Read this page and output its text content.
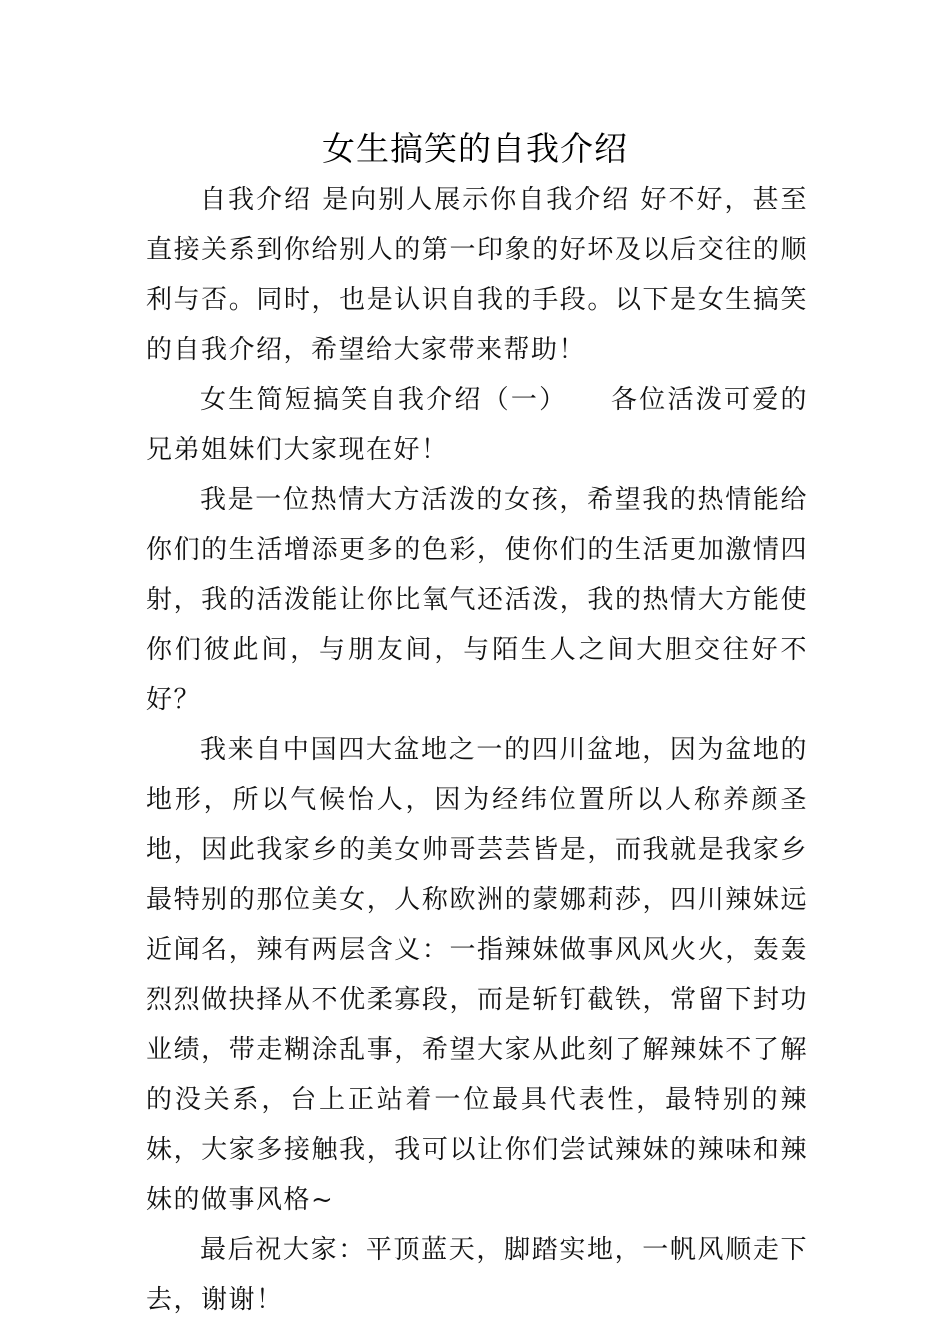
女生搞笑的自我介绍

自我介绍 是向别人展示你自我介绍 好不好，甚至直接关系到你给别人的第一印象的好坏及以后交往的顺利与否。同时，也是认识自我的手段。以下是女生搞笑的自我介绍，希望给大家带来帮助！

女生简短搞笑自我介绍（一）　　各位活泼可爱的兄弟姐妹们大家现在好！

我是一位热情大方活泼的女孩，希望我的热情能给你们的生活增添更多的色彩，使你们的生活更加激情四射，我的活泼能让你比氧气还活泼，我的热情大方能使你们彼此间，与朋友间，与陌生人之间大胆交往好不好？

我来自中国四大盆地之一的四川盆地，因为盆地的地形，所以气候怡人，因为经纬位置所以人称养颜圣地，因此我家乡的美女帅哥芸芸皆是，而我就是我家乡最特别的那位美女，人称欧洲的蒙娜莉莎，四川辣妹远近闻名，辣有两层含义：一指辣妹做事风风火火，轰轰烈烈做抉择从不优柔寡段，而是斩钉截铁，常留下封功业绩，带走糊涂乱事，希望大家从此刻了解辣妹不了解的没关系，台上正站着一位最具代表性，最特别的辣妹，大家多接触我，我可以让你们尝试辣妹的辣味和辣妹的做事风格~

最后祝大家：平顶蓝天，脚踏实地，一帆风顺走下去，谢谢！
